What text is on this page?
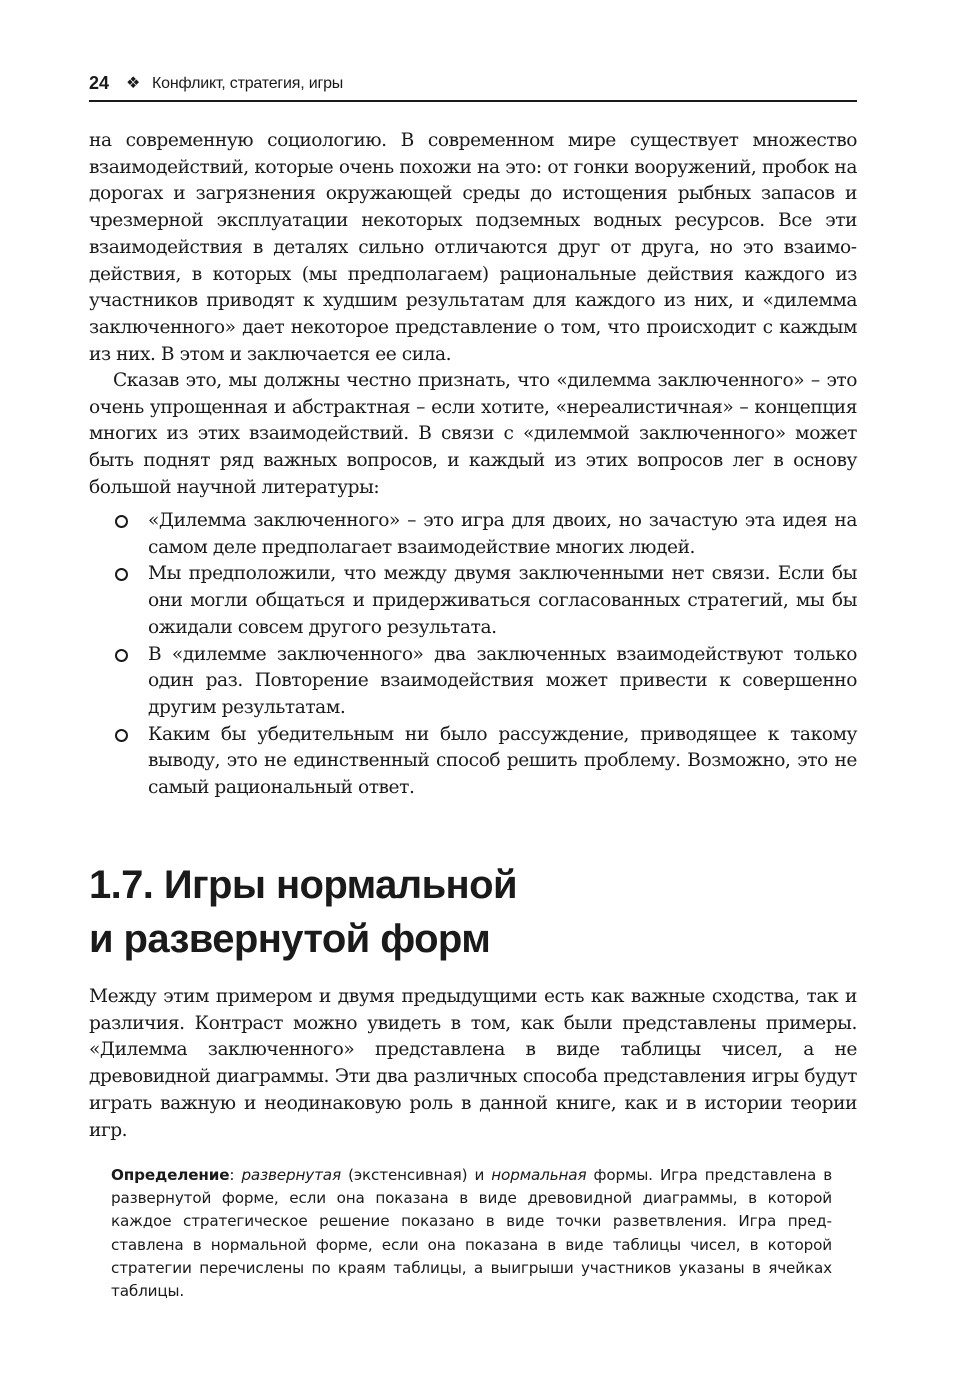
24 ❖ Конфликт, стратегия, игры

на современную социологию. В современном мире существует множество взаимодействий, которые очень похожи на это: от гонки вооружений, пробок на дорогах и загрязнения окружающей среды до истощения рыбных запасов и чрезмерной эксплуатации некоторых подземных водных ресурсов. Все эти взаимодействия в деталях сильно отличаются друг от друга, но это взаимодействия, в которых (мы предполагаем) рациональные действия каждого из участников приводят к худшим результатам для каждого из них, и «дилемма заключенного» дает некоторое представление о том, что происходит с каждым из них. В этом и заключается ее сила.

Сказав это, мы должны честно признать, что «дилемма заключенного» – это очень упрощенная и абстрактная – если хотите, «нереалистичная» – концепция многих из этих взаимодействий. В связи с «дилеммой заключенного» может быть поднят ряд важных вопросов, и каждый из этих вопросов лег в основу большой научной литературы:

«Дилемма заключенного» – это игра для двоих, но зачастую эта идея на самом деле предполагает взаимодействие многих людей.
Мы предположили, что между двумя заключенными нет связи. Если бы они могли общаться и придерживаться согласованных стратегий, мы бы ожидали совсем другого результата.
В «дилемме заключенного» два заключенных взаимодействуют только один раз. Повторение взаимодействия может привести к совершенно другим результатам.
Каким бы убедительным ни было рассуждение, приводящее к такому выводу, это не единственный способ решить проблему. Возможно, это не самый рациональный ответ.
1.7. Игры нормальной
и развернутой форм

Между этим примером и двумя предыдущими есть как важные сходства, так и различия. Контраст можно увидеть в том, как были представлены примеры. «Дилемма заключенного» представлена в виде таблицы чисел, а не древовидной диаграммы. Эти два различных способа представления игры будут играть важную и неодинаковую роль в данной книге, как и в истории теории игр.

Определение: развернутая (экстенсивная) и нормальная формы. Игра представлена в развернутой форме, если она показана в виде древовидной диаграммы, в которой каждое стратегическое решение показано в виде точки разветвления. Игра представлена в нормальной форме, если она показана в виде таблицы чисел, в которой стратегии перечислены по краям таблицы, а выигрыши участников указаны в ячейках таблицы.
